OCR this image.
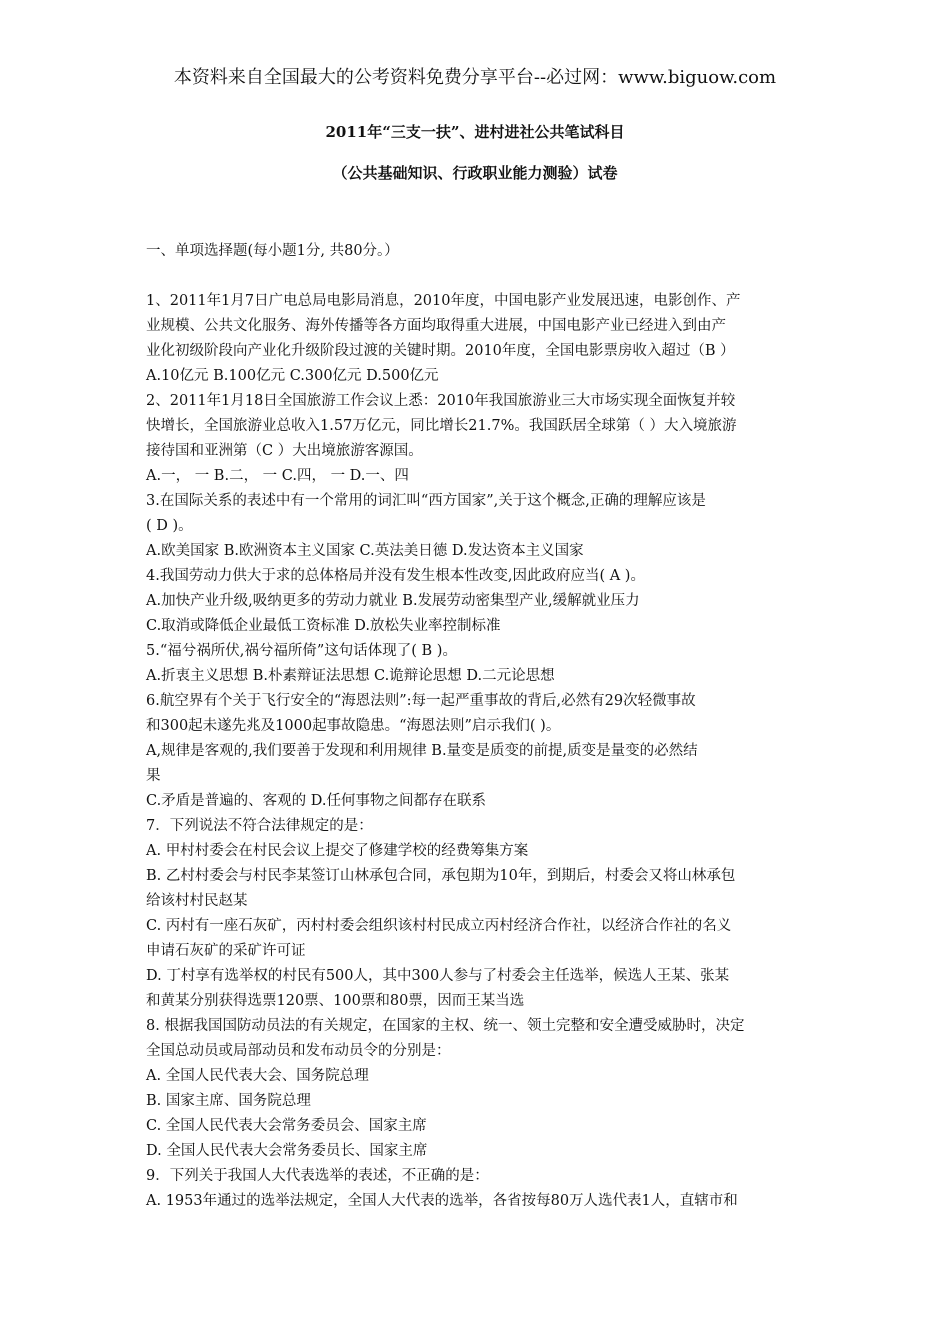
本资料来自全国最大的公考资料免费分享平台--必过网：www.biguow.com
2011年“三支一扶”、进村进社公共笔试科目
（公共基础知识、行政职业能力测验）试卷
一、单项选择题(每小题1分, 共80分。）
1、2011年1月7日广电总局电影局消息，2010年度，中国电影产业发展迅速，电影创作、产
业规模、公共文化服务、海外传播等各方面均取得重大进展，中国电影产业已经进入到由产
业化初级阶段向产业化升级阶段过渡的关键时期。2010年度，全国电影票房收入超过（B ）
A.10亿元 B.100亿元 C.300亿元 D.500亿元
2、2011年1月18日全国旅游工作会议上悉：2010年我国旅游业三大市场实现全面恢复并较
快增长，全国旅游业总收入1.57万亿元，同比增长21.7%。我国跃居全球第（ ）大入境旅游
接待国和亚洲第（C ）大出境旅游客源国。
A.一， 一 B.二， 一 C.四， 一 D.一、四
3.在国际关系的表述中有一个常用的词汇叫“西方国家”,关于这个概念,正确的理解应该是
( D )。
A.欧美国家 B.欧洲资本主义国家 C.英法美日德 D.发达资本主义国家
4.我国劳动力供大于求的总体格局并没有发生根本性改变,因此政府应当( A )。
A.加快产业升级,吸纳更多的劳动力就业 B.发展劳动密集型产业,缓解就业压力
C.取消或降低企业最低工资标准 D.放松失业率控制标准
5.“福兮祸所伏,祸兮福所倚”这句话体现了( B )。
A.折衷主义思想 B.朴素辩证法思想 C.诡辩论思想 D.二元论思想
6.航空界有个关于飞行安全的“海恩法则”:每一起严重事故的背后,必然有29次轻微事故
和300起未遂先兆及1000起事故隐患。“海恩法则”启示我们( )。
A,规律是客观的,我们要善于发现和利用规律 B.量变是质变的前提,质变是量变的必然结
果
C.矛盾是普遍的、客观的 D.任何事物之间都存在联系
7．下列说法不符合法律规定的是：
A. 甲村村委会在村民会议上提交了修建学校的经费筹集方案
B. 乙村村委会与村民李某签订山林承包合同，承包期为10年，到期后，村委会又将山林承包
给该村村民赵某
C. 丙村有一座石灰矿，丙村村委会组织该村村民成立丙村经济合作社，以经济合作社的名义
申请石灰矿的采矿许可证
D. 丁村享有选举权的村民有500人，其中300人参与了村委会主任选举，候选人王某、张某
和黄某分别获得选票120票、100票和80票，因而王某当选
8. 根据我国国防动员法的有关规定，在国家的主权、统一、领土完整和安全遭受威胁时，决定
全国总动员或局部动员和发布动员令的分别是：
A. 全国人民代表大会、国务院总理
B. 国家主席、国务院总理
C. 全国人民代表大会常务委员会、国家主席
D. 全国人民代表大会常务委员长、国家主席
9．下列关于我国人大代表选举的表述，不正确的是：
A. 1953年通过的选举法规定，全国人大代表的选举，各省按每80万人选代表1人，直辖市和
